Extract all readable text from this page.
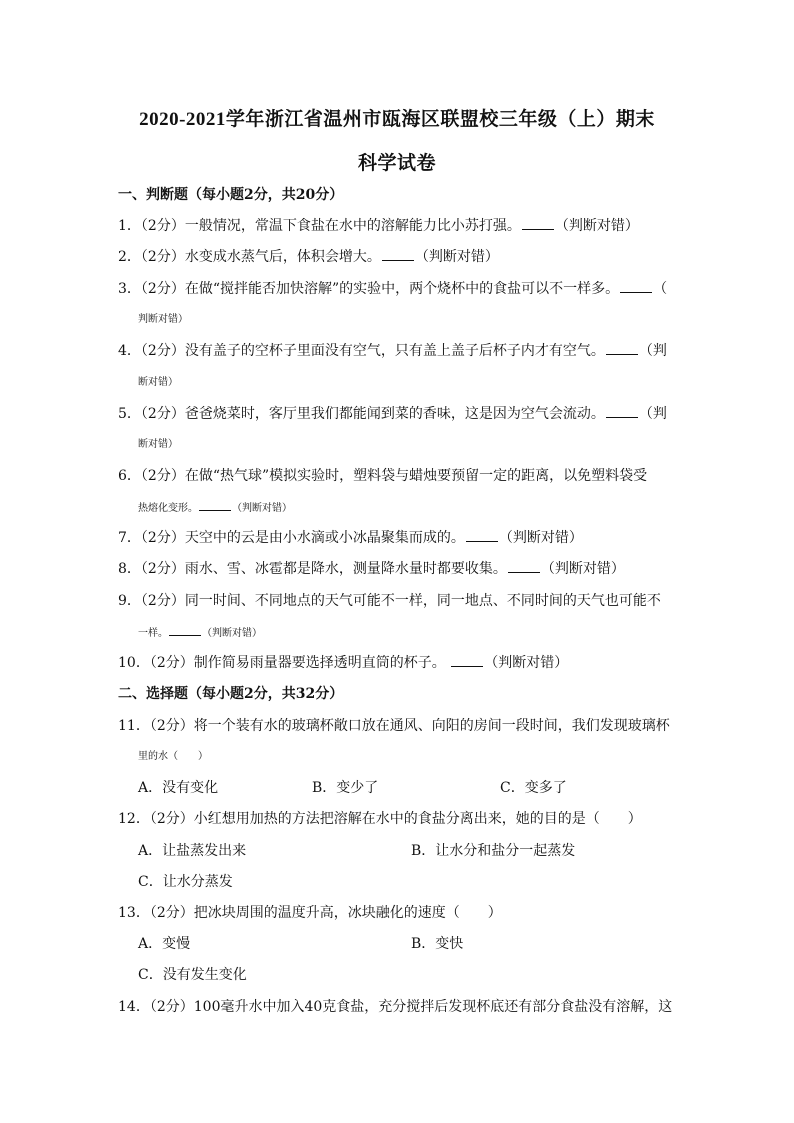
2020-2021学年浙江省温州市瓯海区联盟校三年级（上）期末
科学试卷
一、判断题（每小题2分，共20分）
1．（2分）一般情况，常温下食盐在水中的溶解能力比小苏打强。 （判断对错）
2．（2分）水变成水蒸气后，体积会增大。 （判断对错）
3．（2分）在做“搅拌能否加快溶解”的实验中，两个烧杯中的食盐可以不一样多。 （
判断对错）
4．（2分）没有盖子的空杯子里面没有空气，只有盖上盖子后杯子内才有空气。 （判
断对错）
5．（2分）爸爸烧菜时，客厅里我们都能闻到菜的香味，这是因为空气会流动。 （判
断对错）
6．（2分）在做“热气球”模拟实验时，塑料袋与蜡烛要预留一定的距离，以免塑料袋受
热熔化变形。	（判断对错）
7．（2分）天空中的云是由小水滴或小冰晶聚集而成的。 （判断对错）
8．（2分）雨水、雪、冰雹都是降水，测量降水量时都要收集。 （判断对错）
9．（2分）同一时间、不同地点的天气可能不一样，同一地点、不同时间的天气也可能不
一样。	（判断对错）
10．（2分）制作简易雨量器要选择透明直筒的杯子。	（判断对错）
二、选择题（每小题2分，共32分）
11．（2分）将一个装有水的玻璃杯敞口放在通风、向阳的房间一段时间，我们发现玻璃杯
里的水（　　）
A．没有变化	B．变少了	C．变多了
12．（2分）小红想用加热的方法把溶解在水中的食盐分离出来，她的目的是（　　）
A．让盐蒸发出来	B．让水分和盐分一起蒸发
C．让水分蒸发
13．（2分）把冰块周围的温度升高，冰块融化的速度（　　）
A．变慢	B．变快
C．没有发生变化
14．（2分）100毫升水中加入40克食盐，充分搅拌后发现杯底还有部分食盐没有溶解，这
